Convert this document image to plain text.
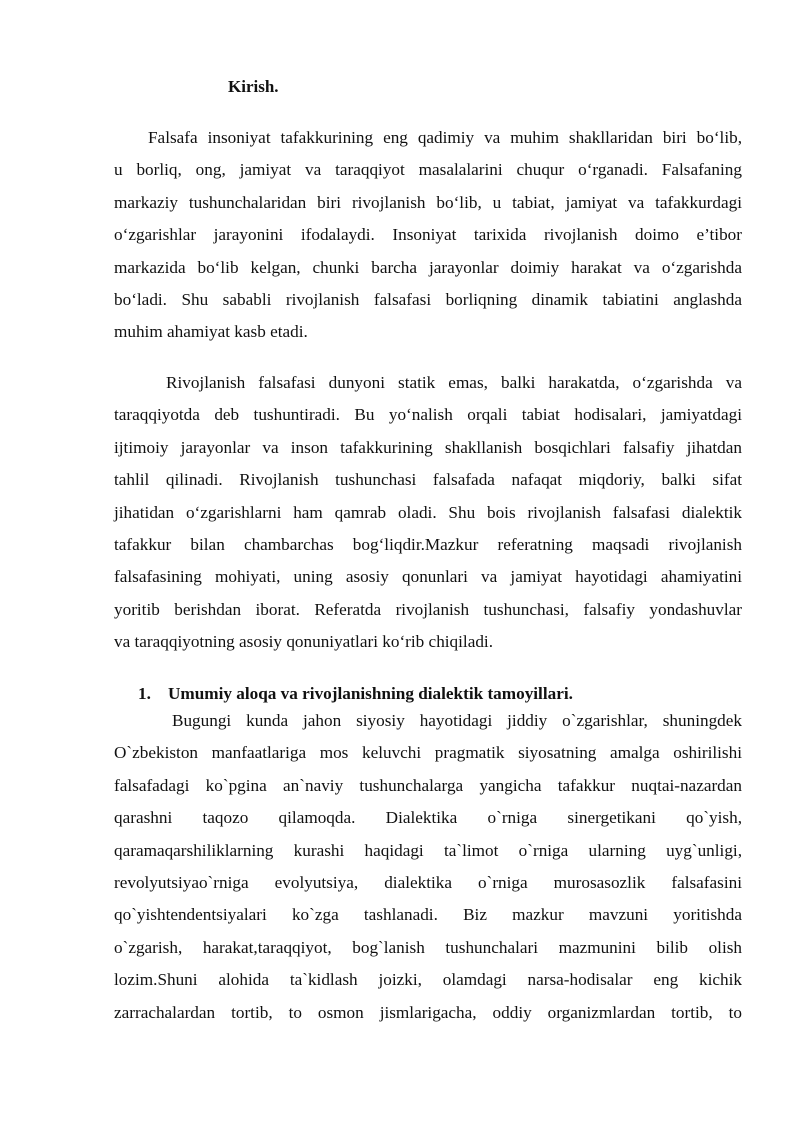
Kirish.
Falsafa insoniyat tafakkurining eng qadimiy va muhim shakllaridan biri bo‘lib,
u borliq, ong, jamiyat va taraqqiyot masalalarini chuqur o‘rganadi. Falsafaning
markaziy tushunchalaridan biri rivojlanish bo‘lib, u tabiat, jamiyat va tafakkurdagi
o‘zgarishlar jarayonini ifodalaydi. Insoniyat tarixida rivojlanish doimo e’tibor
markazida bo‘lib kelgan, chunki barcha jarayonlar doimiy harakat va o‘zgarishda
bo‘ladi. Shu sababli rivojlanish falsafasi borliqning dinamik tabiatini anglashda
muhim ahamiyat kasb etadi.
Rivojlanish falsafasi dunyoni statik emas, balki harakatda, o‘zgarishda va
taraqqiyotda deb tushuntiradi. Bu yo‘nalish orqali tabiat hodisalari, jamiyatdagi
ijtimoiy jarayonlar va inson tafakkurining shakllanish bosqichlari falsafiy jihatdan
tahlil qilinadi. Rivojlanish tushunchasi falsafada nafaqat miqdoriy, balki sifat
jihatidan o‘zgarishlarni ham qamrab oladi. Shu bois rivojlanish falsafasi dialektik
tafakkur bilan chambarchas bog‘liqdir.Mazkur referatning maqsadi rivojlanish
falsafasining mohiyati, uning asosiy qonunlari va jamiyat hayotidagi ahamiyatini
yoritib berishdan iborat. Referatda rivojlanish tushunchasi, falsafiy yondashuvlar
va taraqqiyotning asosiy qonuniyatlari ko‘rib chiqiladi.
1. Umumiy aloqa va rivojlanishning dialektik tamoyillari.
Bugungi kunda jahon siyosiy hayotidagi jiddiy o`zgarishlar, shuningdek
O`zbekiston manfaatlariga mos keluvchi pragmatik siyosatning amalga oshirilishi
falsafadagi ko`pgina an`naviy tushunchalarga yangicha tafakkur nuqtai-nazardan
qarashni taqozo qilamoqda. Dialektika o`rniga sinergetikani qo`yish,
qaramaqarshiliklarning kurashi haqidagi ta`limot o`rniga ularning uyg`unligi,
revolyutsiyao`rniga evolyutsiya, dialektika o`rniga murosasozlik falsafasini
qo`yishtendentsiyalari ko`zga tashlanadi. Biz mazkur mavzuni yoritishda
o`zgarish, harakat,taraqqiyot, bog`lanish tushunchalari mazmunini bilib olish
lozim.Shuni alohida ta`kidlash joizki, olamdagi narsa-hodisalar eng kichik
zarrachalardan tortib, to osmon jismlarigacha, oddiy organizmlardan tortib, to
